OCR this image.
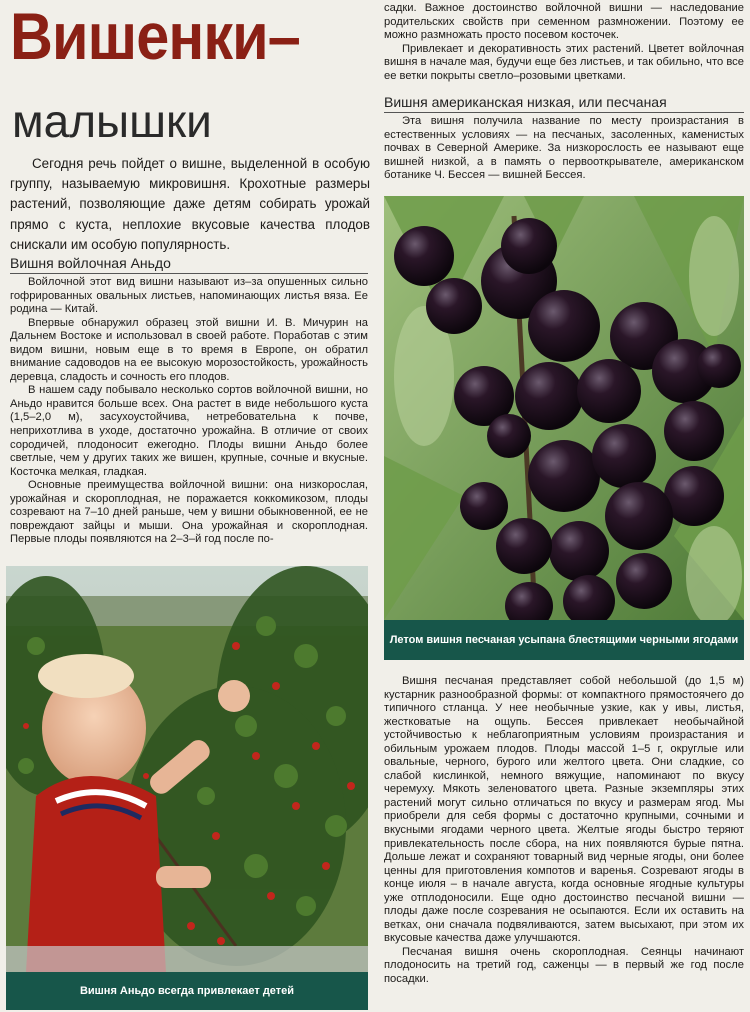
Вишенки–
малышки
Сегодня речь пойдет о вишне, выделенной в особую группу, называемую микровишня. Крохотные размеры растений, позволяющие даже детям собирать урожай прямо с куста, неплохие вкусовые качества плодов снискали им особую популярность.
Вишня войлочная Аньдо

Войлочной этот вид вишни называют из–за опушенных сильно гофрированных овальных листьев, напоминающих листья вяза. Ее родина — Китай.

Впервые обнаружил образец этой вишни И. В. Мичурин на Дальнем Востоке и использовал в своей работе. Поработав с этим видом вишни, новым еще в то время в Европе, он обратил внимание садоводов на ее высокую морозостойкость, урожайность деревца, сладость и сочность его плодов.

В нашем саду побывало несколько сортов войлочной вишни, но Аньдо нравится больше всех. Она растет в виде небольшого куста (1,5–2,0 м), засухоустойчива, нетребовательна к почве, неприхотлива в уходе, достаточно урожайна. В отличие от своих сородичей, плодоносит ежегодно. Плоды вишни Аньдо более светлые, чем у других таких же вишен, крупные, сочные и вкусные. Косточка мелкая, гладкая.

Основные преимущества войлочной вишни: она низкорослая, урожайная и скороплодная, не поражается коккомикозом, плоды созревают на 7–10 дней раньше, чем у вишни обыкновенной, ее не повреждают зайцы и мыши. Она урожайная и скороплодная. Первые плоды появляются на 2–3–й год после по-

Вишня Аньдо всегда привлекает детей

садки. Важное достоинство войлочной вишни — наследование родительских свойств при семенном размножении. Поэтому ее можно размножать просто посевом косточек.

Привлекает и декоративность этих растений. Цветет войлочная вишня в начале мая, будучи еще без листьев, и так обильно, что все ее ветки покрыты светло–розовыми цветками.

Вишня американская низкая, или песчаная

Эта вишня получила название по месту произрастания в естественных условиях — на песчаных, засоленных, каменистых почвах в Северной Америке. За низкорослость ее называют еще вишней низкой, а в память о первооткрывателе, американском ботанике Ч. Бессея — вишней Бессея.

Летом вишня песчаная усыпана блестящими черными ягодами

Вишня песчаная представляет собой небольшой (до 1,5 м) кустарник разнообразной формы: от компактного прямостоячего до типичного стланца. У нее необычные узкие, как у ивы, листья, жестковатые на ощупь. Бессея привлекает необычайной устойчивостью к неблагоприятным условиям произрастания и обильным урожаем плодов. Плоды массой 1–5 г, округлые или овальные, черного, бурого или желтого цвета. Они сладкие, со слабой кислинкой, немного вяжущие, напоминают по вкусу черемуху. Мякоть зеленоватого цвета. Разные экземпляры этих растений могут сильно отличаться по вкусу и размерам ягод. Мы приобрели для себя формы с достаточно крупными, сочными и вкусными ягодами черного цвета. Желтые ягоды быстро теряют привлекательность после сбора, на них появляются бурые пятна. Дольше лежат и сохраняют товарный вид черные ягоды, они более ценны для приготовления компотов и варенья. Созревают ягоды в конце июля – в начале августа, когда основные ягодные культуры уже отплодоносили. Еще одно достоинство песчаной вишни — плоды даже после созревания не осыпаются. Если их оставить на ветках, они сначала подвяливаются, затем высыхают, при этом их вкусовые качества даже улучшаются.

Песчаная вишня очень скороплодная. Сеянцы начинают плодоносить на третий год, саженцы — в первый же год после посадки.
